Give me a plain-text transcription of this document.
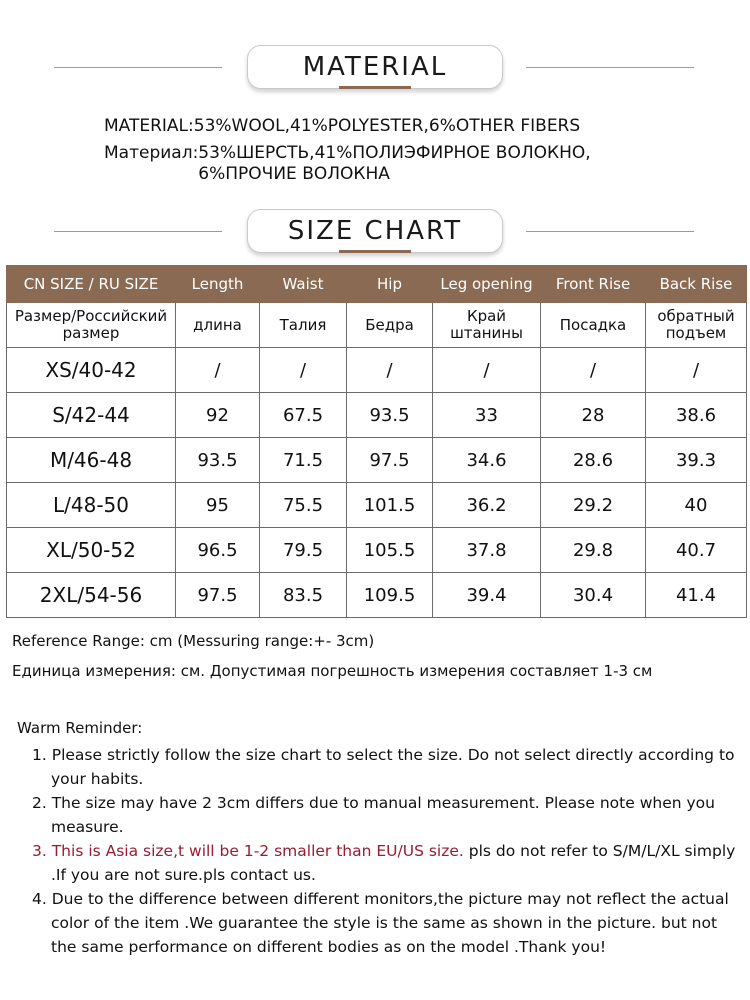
MATERIAL
MATERIAL: 53%WOOL,41%POLYESTER,6%OTHER FIBERS
Материал: 53%ШЕРСТЬ,41%ПОЛИЭФИРНОЕ ВОЛОКНО,
6%ПРОЧИЕ ВОЛОКНА
SIZE CHART
CN SIZE / RU SIZE	Length	Waist	Hip	Leg opening	Front Rise	Back Rise
Размер/Российский размер	длина	Талия	Бедра	Край штанины	Посадка	обратный подъем
XS/40-42	/	/	/	/	/	/
S/42-44	92	67.5	93.5	33	28	38.6
M/46-48	93.5	71.5	97.5	34.6	28.6	39.3
L/48-50	95	75.5	101.5	36.2	29.2	40
XL/50-52	96.5	79.5	105.5	37.8	29.8	40.7
2XL/54-56	97.5	83.5	109.5	39.4	30.4	41.4
Reference Range: cm (Messuring range:+- 3cm)
Единица измерения: см. Допустимая погрешность измерения составляет 1-3 см
Warm Reminder:
1. Please strictly follow the size chart to select the size. Do not select directly according to your habits.
2. The size may have 2 3cm differs due to manual measurement. Please note when you measure.
3. This is Asia size,t will be 1-2 smaller than EU/US size. pls do not refer to S/M/L/XL simply .If you are not sure.pls contact us.
4. Due to the difference between different monitors,the picture may not reflect the actual color of the item .We guarantee the style is the same as shown in the picture. but not the same performance on different bodies as on the model .Thank you!
